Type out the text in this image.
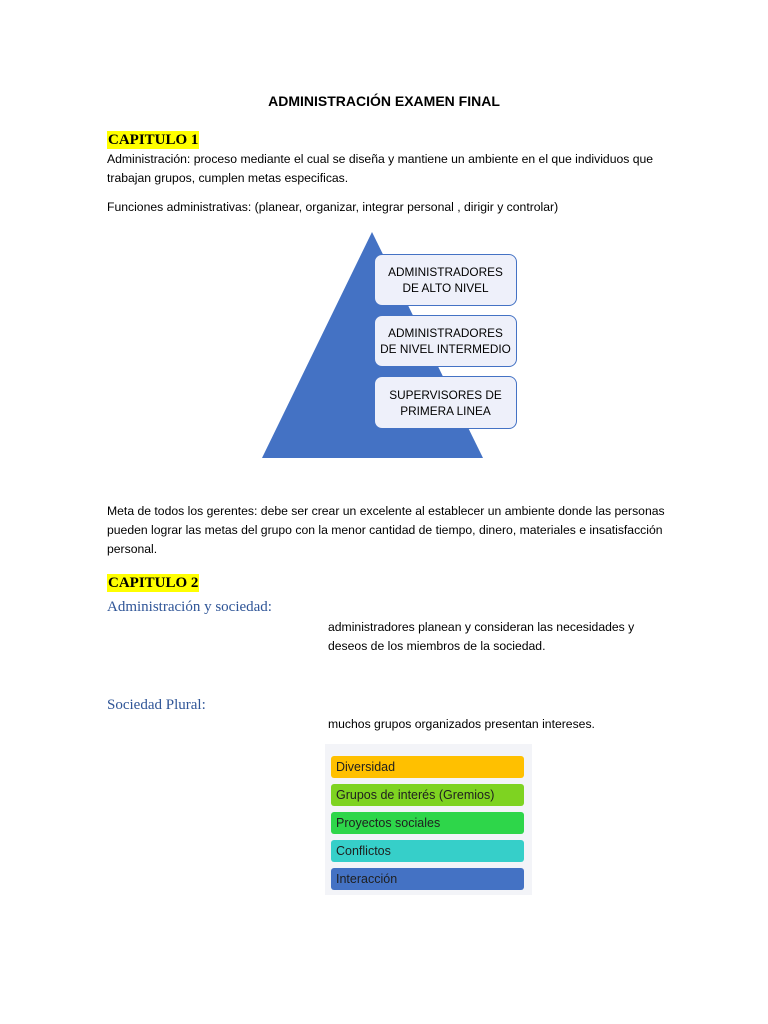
ADMINISTRACIÓN EXAMEN FINAL
CAPITULO 1
Administración: proceso mediante el cual se diseña y mantiene un ambiente en el que individuos que trabajan grupos, cumplen metas especificas.
Funciones administrativas: (planear, organizar, integrar personal , dirigir y controlar)
ADMINISTRADORES DE ALTO NIVEL
ADMINISTRADORES DE NIVEL INTERMEDIO
SUPERVISORES DE PRIMERA LINEA
Meta de todos los gerentes: debe ser crear un excelente al establecer un ambiente donde las personas pueden lograr las metas del grupo con la menor cantidad de tiempo, dinero, materiales e insatisfacción personal.
CAPITULO 2
Administración y sociedad:
administradores planean y consideran las necesidades y deseos de los miembros de la sociedad.
Sociedad Plural:
muchos grupos organizados presentan intereses.
Diversidad
Grupos de interés (Gremios)
Proyectos sociales
Conflictos
Interacción
